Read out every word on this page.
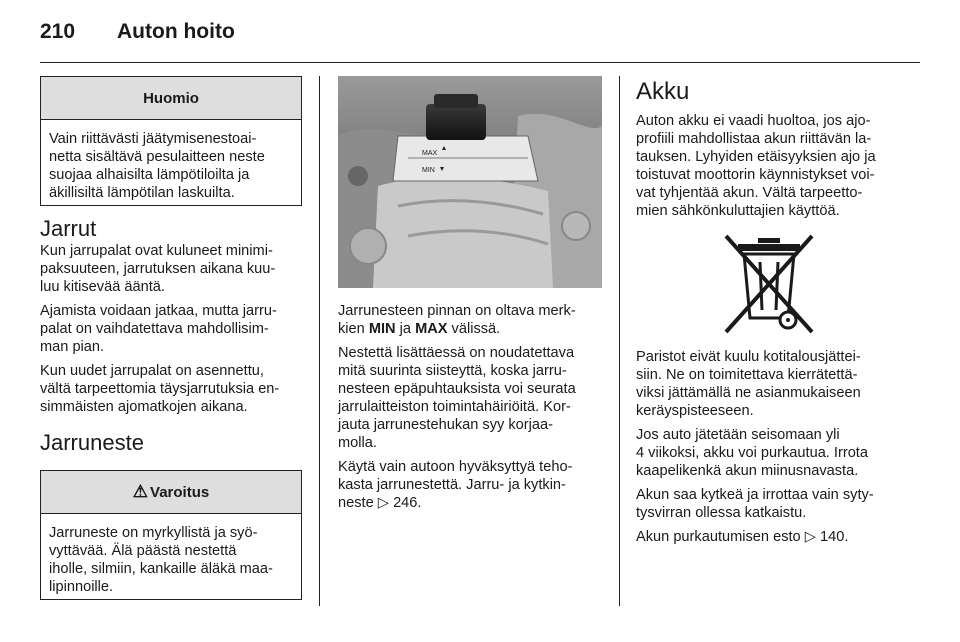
210 Auton hoito
Huomio

Vain riittävästi jäätymisenestoai-
netta sisältävä pesulaitteen neste
suojaa alhaisilta lämpötiloilta ja
äkillisiltä lämpötilan laskuilta.

Jarrut

Kun jarrupalat ovat kuluneet minimi-
paksuuteen, jarrutuksen aikana kuu-
luu kitisevää ääntä.

Ajamista voidaan jatkaa, mutta jarru-
palat on vaihdatettava mahdollisim-
man pian.

Kun uudet jarrupalat on asennettu,
vältä tarpeettomia täysjarrutuksia en-
simmäisten ajomatkojen aikana.

Jarruneste
⚠ Varoitus

Jarruneste on myrkyllistä ja syö-
vyttävää. Älä päästä nestettä
iholle, silmiin, kankaille äläkä maa-
lipinnoille.

MAX
MIN

Jarrunesteen pinnan on oltava merk-
kien MIN ja MAX välissä.

Nestettä lisättäessä on noudatettava
mitä suurinta siisteyttä, koska jarru-
nesteen epäpuhtauksista voi seurata
jarrulaitteiston toimintahäiriöitä. Kor-
jauta jarrunestehukan syy korjaa-
molla.

Käytä vain autoon hyväksyttyä teho-
kasta jarrunestettä. Jarru- ja kytkin-
neste ▷ 246.

Akku

Auton akku ei vaadi huoltoa, jos ajo-
profiili mahdollistaa akun riittävän la-
tauksen. Lyhyiden etäisyyksien ajo ja
toistuvat moottorin käynnistykset voi-
vat tyhjentää akun. Vältä tarpeetto-
mien sähkönkuluttajien käyttöä.

Paristot eivät kuulu kotitalousjättei-
siin. Ne on toimitettava kierrätettä-
viksi jättämällä ne asianmukaiseen
keräyspisteeseen.

Jos auto jätetään seisomaan yli
4 viikoksi, akku voi purkautua. Irrota
kaapelikenkä akun miinusnavasta.

Akun saa kytkeä ja irrottaa vain syty-
tysvirran ollessa katkaistu.

Akun purkautumisen esto ▷ 140.
